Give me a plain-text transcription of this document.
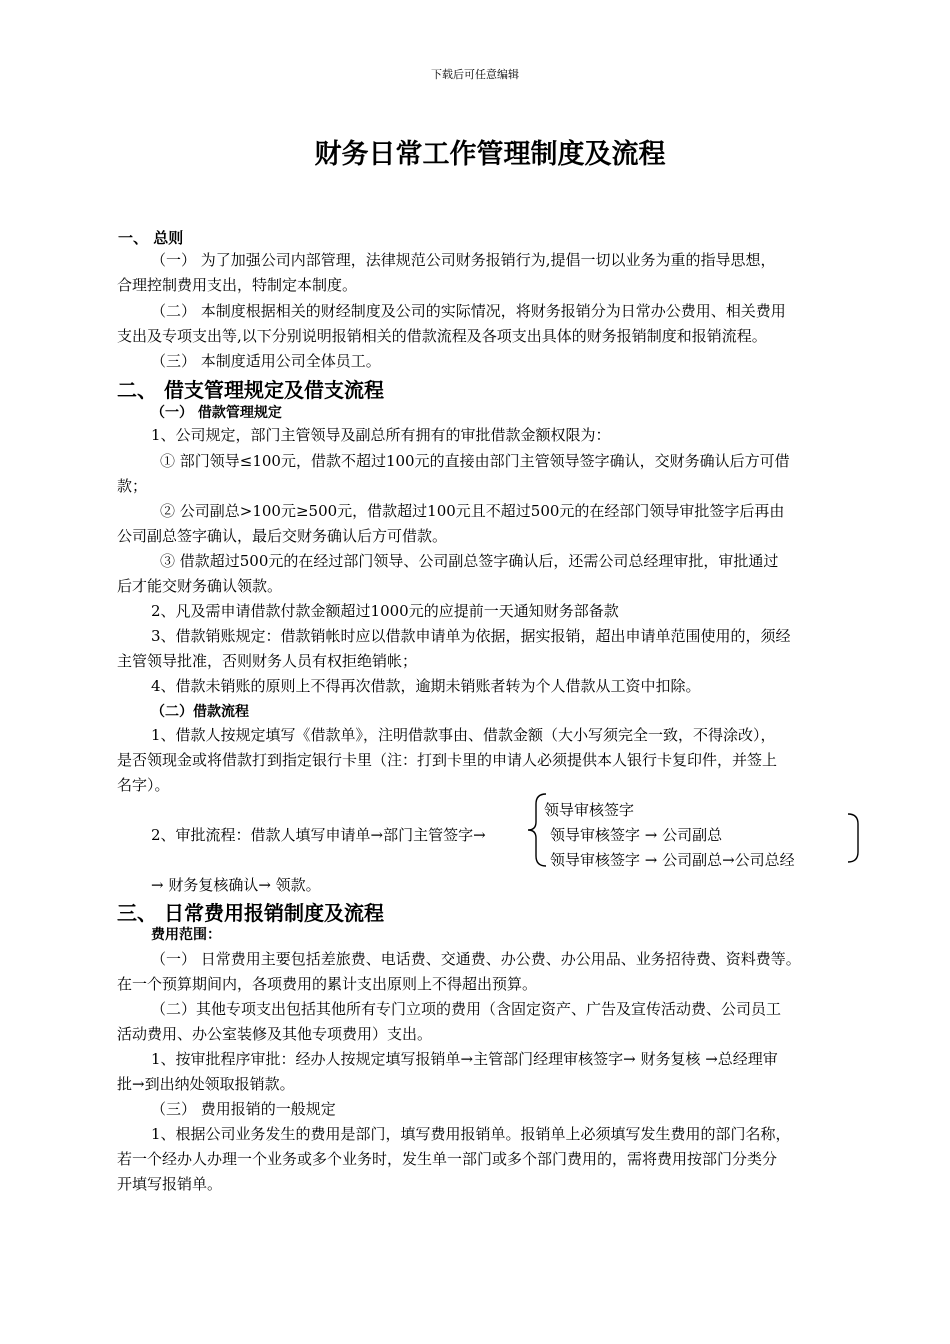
下载后可任意编辑
财务日常工作管理制度及流程
一、 总则
（一） 为了加强公司内部管理，法律规范公司财务报销行为,提倡一切以业务为重的指导思想，
合理控制费用支出，特制定本制度。
（二） 本制度根据相关的财经制度及公司的实际情况，将财务报销分为日常办公费用、相关费用
支出及专项支出等,以下分别说明报销相关的借款流程及各项支出具体的财务报销制度和报销流程。
（三） 本制度适用公司全体员工。
二、 借支管理规定及借支流程
（一） 借款管理规定
1、公司规定，部门主管领导及副总所有拥有的审批借款金额权限为：
① 部门领导≤100元，借款不超过100元的直接由部门主管领导签字确认，交财务确认后方可借
款；
② 公司副总>100元≥500元，借款超过100元且不超过500元的在经部门领导审批签字后再由
公司副总签字确认，最后交财务确认后方可借款。
③ 借款超过500元的在经过部门领导、公司副总签字确认后，还需公司总经理审批，审批通过
后才能交财务确认领款。
2、凡及需申请借款付款金额超过1000元的应提前一天通知财务部备款
3、借款销账规定：借款销帐时应以借款申请单为依据，据实报销，超出申请单范围使用的，须经
主管领导批准，否则财务人员有权拒绝销帐；
4、借款未销账的原则上不得再次借款，逾期未销账者转为个人借款从工资中扣除。
（二）借款流程
1、借款人按规定填写《借款单》，注明借款事由、借款金额（大小写须完全一致，不得涂改），
是否领现金或将借款打到指定银行卡里（注：打到卡里的申请人必须提供本人银行卡复印件，并签上
名字）。
领导审核签字
2、审批流程：借款人填写申请单→部门主管签字→	领导审核签字 → 公司副总
领导审核签字 → 公司副总→公司总经
→ 财务复核确认→ 领款。
三、 日常费用报销制度及流程
费用范围：
（一） 日常费用主要包括差旅费、电话费、交通费、办公费、办公用品、业务招待费、资料费等。
在一个预算期间内，各项费用的累计支出原则上不得超出预算。
（二）其他专项支出包括其他所有专门立项的费用（含固定资产、广告及宣传活动费、公司员工
活动费用、办公室装修及其他专项费用）支出。
1、按审批程序审批：经办人按规定填写报销单→主管部门经理审核签字→ 财务复核 →总经理审
批→到出纳处领取报销款。
（三） 费用报销的一般规定
1、根据公司业务发生的费用是部门，填写费用报销单。报销单上必须填写发生费用的部门名称，
若一个经办人办理一个业务或多个业务时，发生单一部门或多个部门费用的，需将费用按部门分类分
开填写报销单。
